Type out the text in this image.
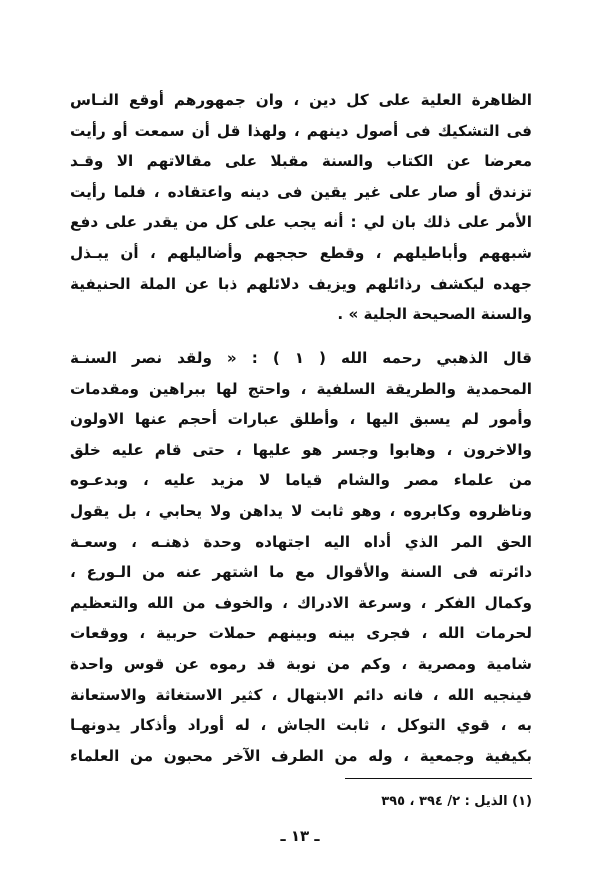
الظاهرة العلية على كل دين ، وان جمهورهم أوقع النـاس
فى التشكيك فى أصول دينهم ، ولهذا قل أن سمعت أو رأيت
معرضا عن الكتاب والسنة مقبلا على مقالاتهم الا وقـد
تزندق أو صار على غير يقين فى دينه واعتقاده ، فلما رأيت
الأمر على ذلك بان لي : أنه يجب على كل من يقدر على دفع
شبههم وأباطيلهم ، وقطع حججهم وأضاليلهم ، أن يبـذل
جهده ليكشف رذائلهم ويزيف دلائلهم ذبا عن الملة الحنيفية
والسنة الصحيحة الجلية » .
قال الذهبي رحمه الله ( ١ ) : « ولقد نصر السنـة
المحمدية والطريقة السلفية ، واحتج لها ببراهين ومقدمات
وأمور لم يسبق اليها ، وأطلق عبارات أحجم عنها الاولون
والاخرون ، وهابوا وجسر هو عليها ، حتى قام عليه خلق
من علماء مصر والشام قياما لا مزيد عليه ، وبدعـوه
وناظروه وكابروه ، وهو ثابت لا يداهن ولا يحابي ، بل يقول
الحق المر الذي أداه اليه اجتهاده وحدة ذهنـه ، وسعـة
دائرته فى السنة والأقوال مع ما اشتهر عنه من الـورع ،
وكمال الفكر ، وسرعة الادراك ، والخوف من الله والتعظيم
لحرمات الله ، فجرى بينه وبينهم حملات حربية ، ووقعات
شامية ومصرية ، وكم من نوبة قد رموه عن قوس واحدة
فينجيه الله ، فانه دائم الابتهال ، كثير الاستغاثة والاستعانة
به ، قوي التوكل ، ثابت الجاش ، له أوراد وأذكار يدونهـا
بكيفية وجمعية ، وله من الطرف الآخر محبون من العلماء
(١) الذيل : ٢/ ٣٩٤ ، ٣٩٥
ـ ١٣ ـ
